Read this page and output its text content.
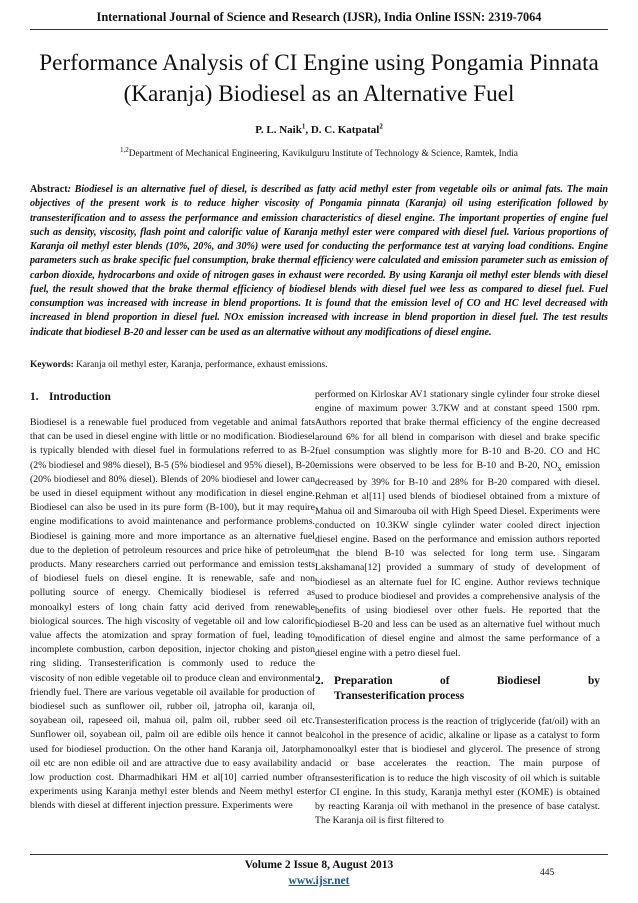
International Journal of Science and Research (IJSR), India Online ISSN: 2319-7064
Performance Analysis of CI Engine using Pongamia Pinnata (Karanja) Biodiesel as an Alternative Fuel
P. L. Naik$^1$, D. C. Katpatal$^2$
$^{1,2}$Department of Mechanical Engineering, Kavikulguru Institute of Technology & Science, Ramtek, India
Abstract: Biodiesel is an alternative fuel of diesel, is described as fatty acid methyl ester from vegetable oils or animal fats. The main objectives of the present work is to reduce higher viscosity of Pongamia pinnata (Karanja) oil using esterification followed by transesterification and to assess the performance and emission characteristics of diesel engine. The important properties of engine fuel such as density, viscosity, flash point and calorific value of Karanja methyl ester were compared with diesel fuel. Various proportions of Karanja oil methyl ester blends (10%, 20%, and 30%) were used for conducting the performance test at varying load conditions. Engine parameters such as brake specific fuel consumption, brake thermal efficiency were calculated and emission parameter such as emission of carbon dioxide, hydrocarbons and oxide of nitrogen gases in exhaust were recorded. By using Karanja oil methyl ester blends with diesel fuel, the result showed that the brake thermal efficiency of biodiesel blends with diesel fuel wee less as compared to diesel fuel. Fuel consumption was increased with increase in blend proportions. It is found that the emission level of CO and HC level decreased with increased in blend proportion in diesel fuel. NOx emission increased with increase in blend proportion in diesel fuel. The test results indicate that biodiesel B-20 and lesser can be used as an alternative without any modifications of diesel engine.
Keywords: Karanja oil methyl ester, Karanja, performance, exhaust emissions.
1. Introduction

Biodiesel is a renewable fuel produced from vegetable and animal fats that can be used in diesel engine with little or no modification. Biodiesel is typically blended with diesel fuel in formulations referred to as B-2 (2% biodiesel and 98% diesel), B-5 (5% biodiesel and 95% diesel), B-20 (20% biodiesel and 80% diesel). Blends of 20% biodiesel and lower can be used in diesel equipment without any modification in diesel engine. Biodiesel can also be used in its pure form (B-100), but it may require engine modifications to avoid maintenance and performance problems. Biodiesel is gaining more and more importance as an alternative fuel due to the depletion of petroleum resources and price hike of petroleum products. Many researchers carried out performance and emission tests of biodiesel fuels on diesel engine. It is renewable, safe and non polluting source of energy. Chemically biodiesel is referred as monoalkyl esters of long chain fatty acid derived from renewable biological sources. The high viscosity of vegetable oil and low calorific value affects the atomization and spray formation of fuel, leading to incomplete combustion, carbon deposition, injector choking and piston ring sliding. Transesterification is commonly used to reduce the viscosity of non edible vegetable oil to produce clean and environmental friendly fuel. There are various vegetable oil available for production of biodiesel such as sunflower oil, rubber oil, jatropha oil, karanja oil, soyabean oil, rapeseed oil, mahua oil, palm oil, rubber seed oil etc. Sunflower oil, soyabean oil, palm oil are edible oils hence it cannot be used for biodiesel production. On the other hand Karanja oil, Jatorpha oil etc are non edible oil and are attractive due to easy availability and low production cost. Dharmadhikari HM et al[10] carried number of experiments using Karanja methyl ester blends and Neem methyl ester blends with diesel at different injection pressure. Experiments were

performed on Kirloskar AV1 stationary single cylinder four stroke diesel engine of maximum power 3.7KW and at constant speed 1500 rpm. Authors reported that brake thermal efficiency of the engine decreased around 6% for all blend in comparison with diesel and brake specific fuel consumption was slightly more for B-10 and B-20. CO and HC emissions were observed to be less for B-10 and B-20, $NO_x$ emission decreased by 39% for B-10 and 28% for B-20 compared with diesel. Rehman et al[11] used blends of biodiesel obtained from a mixture of Mahua oil and Simarouba oil with High Speed Diesel. Experiments were conducted on 10.3KW single cylinder water cooled direct injection diesel engine. Based on the performance and emission authors reported that the blend B-10 was selected for long term use. Singaram Lakshamana[12] provided a summary of study of development of biodiesel as an alternate fuel for IC engine. Author reviews technique used to produce biodiesel and provides a comprehensive analysis of the benefits of using biodiesel over other fuels. He reported that the biodiesel B-20 and less can be used as an alternative fuel without much modification of diesel engine and almost the same performance of a diesel engine with a petro diesel fuel.

2. Preparation	of	Biodiesel	by
Transesterification process

Transesterification process is the reaction of triglyceride (fat/oil) with an alcohol in the presence of acidic, alkaline or lipase as a catalyst to form monoalkyl ester that is biodiesel and glycerol. The presence of strong acid or base accelerates the reaction. The main purpose of transesterification is to reduce the high viscosity of oil which is suitable for CI engine. In this study, Karanja methyl ester (KOME) is obtained by reacting Karanja oil with methanol in the presence of base catalyst. The Karanja oil is first filtered to

Volume 2 Issue 8, August 2013
www.ijsr.net
445
